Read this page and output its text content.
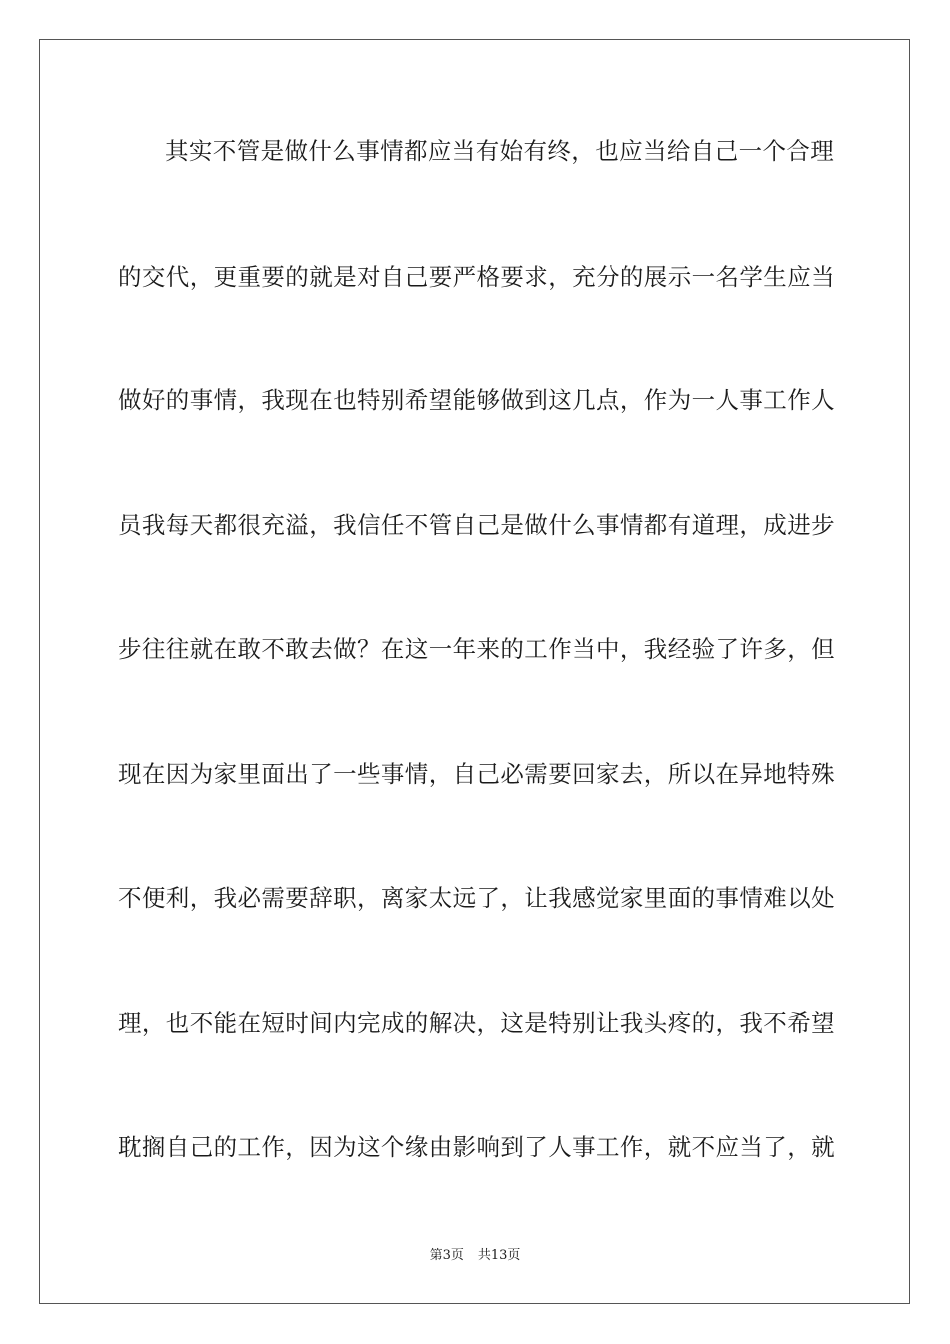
其实不管是做什么事情都应当有始有终，也应当给自己一个合理
的交代，更重要的就是对自己要严格要求，充分的展示一名学生应当
做好的事情，我现在也特别希望能够做到这几点，作为一人事工作人
员我每天都很充溢，我信任不管自己是做什么事情都有道理，成进步
步往往就在敢不敢去做？在这一年来的工作当中，我经验了许多，但
现在因为家里面出了一些事情，自己必需要回家去，所以在异地特殊
不便利，我必需要辞职，离家太远了，让我感觉家里面的事情难以处
理，也不能在短时间内完成的解决，这是特别让我头疼的，我不希望
耽搁自己的工作，因为这个缘由影响到了人事工作，就不应当了，就
第3页 共13页
